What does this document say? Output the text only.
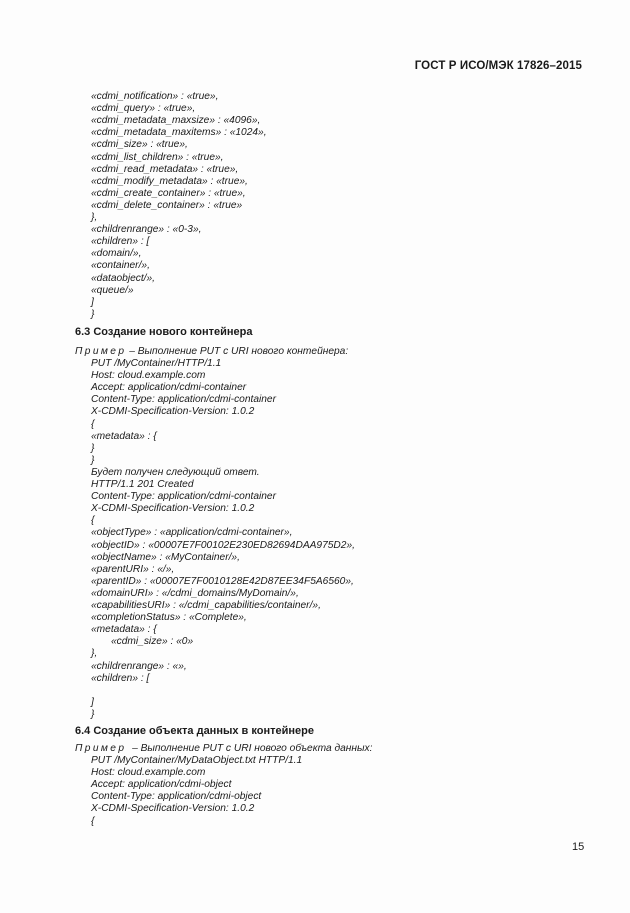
ГОСТ Р ИСО/МЭК 17826–2015
«cdmi_notification» : «true»,
«cdmi_query» : «true»,
«cdmi_metadata_maxsize» : «4096»,
«cdmi_metadata_maxitems» : «1024»,
«cdmi_size» : «true»,
«cdmi_list_children» : «true»,
«cdmi_read_metadata» : «true»,
«cdmi_modify_metadata» : «true»,
«cdmi_create_container» : «true»,
«cdmi_delete_container» : «true»
},
«childrenrange» : «0-3»,
«children» : [
«domain/»,
«container/»,
«dataobject/»,
«queue/»
]
}
6.3 Создание нового контейнера
Пример – Выполнение PUT с URI нового контейнера:
PUT /MyContainer/HTTP/1.1
Host: cloud.example.com
Accept: application/cdmi-container
Content-Type: application/cdmi-container
X-CDMI-Specification-Version: 1.0.2
{
«metadata» : {
}
}
Будет получен следующий ответ.
HTTP/1.1 201 Created
Content-Type: application/cdmi-container
X-CDMI-Specification-Version: 1.0.2
{
«objectType» : «application/cdmi-container»,
«objectID» : «00007E7F00102E230ED82694DAA975D2»,
«objectName» : «MyContainer/»,
«parentURI» : «/»,
«parentID» : «00007E7F0010128E42D87EE34F5A6560»,
«domainURI» : «/cdmi_domains/MyDomain/»,
«capabilitiesURI» : «/cdmi_capabilities/container/»,
«completionStatus» : «Complete»,
«metadata» : {
«cdmi_size» : «0»
},
«childrenrange» : «»,
«children» : [
]
}
6.4 Создание объекта данных в контейнере
Пример  – Выполнение PUT с URI нового объекта данных:
PUT /MyContainer/MyDataObject.txt HTTP/1.1
Host: cloud.example.com
Accept: application/cdmi-object
Content-Type: application/cdmi-object
X-CDMI-Specification-Version: 1.0.2
{
15
